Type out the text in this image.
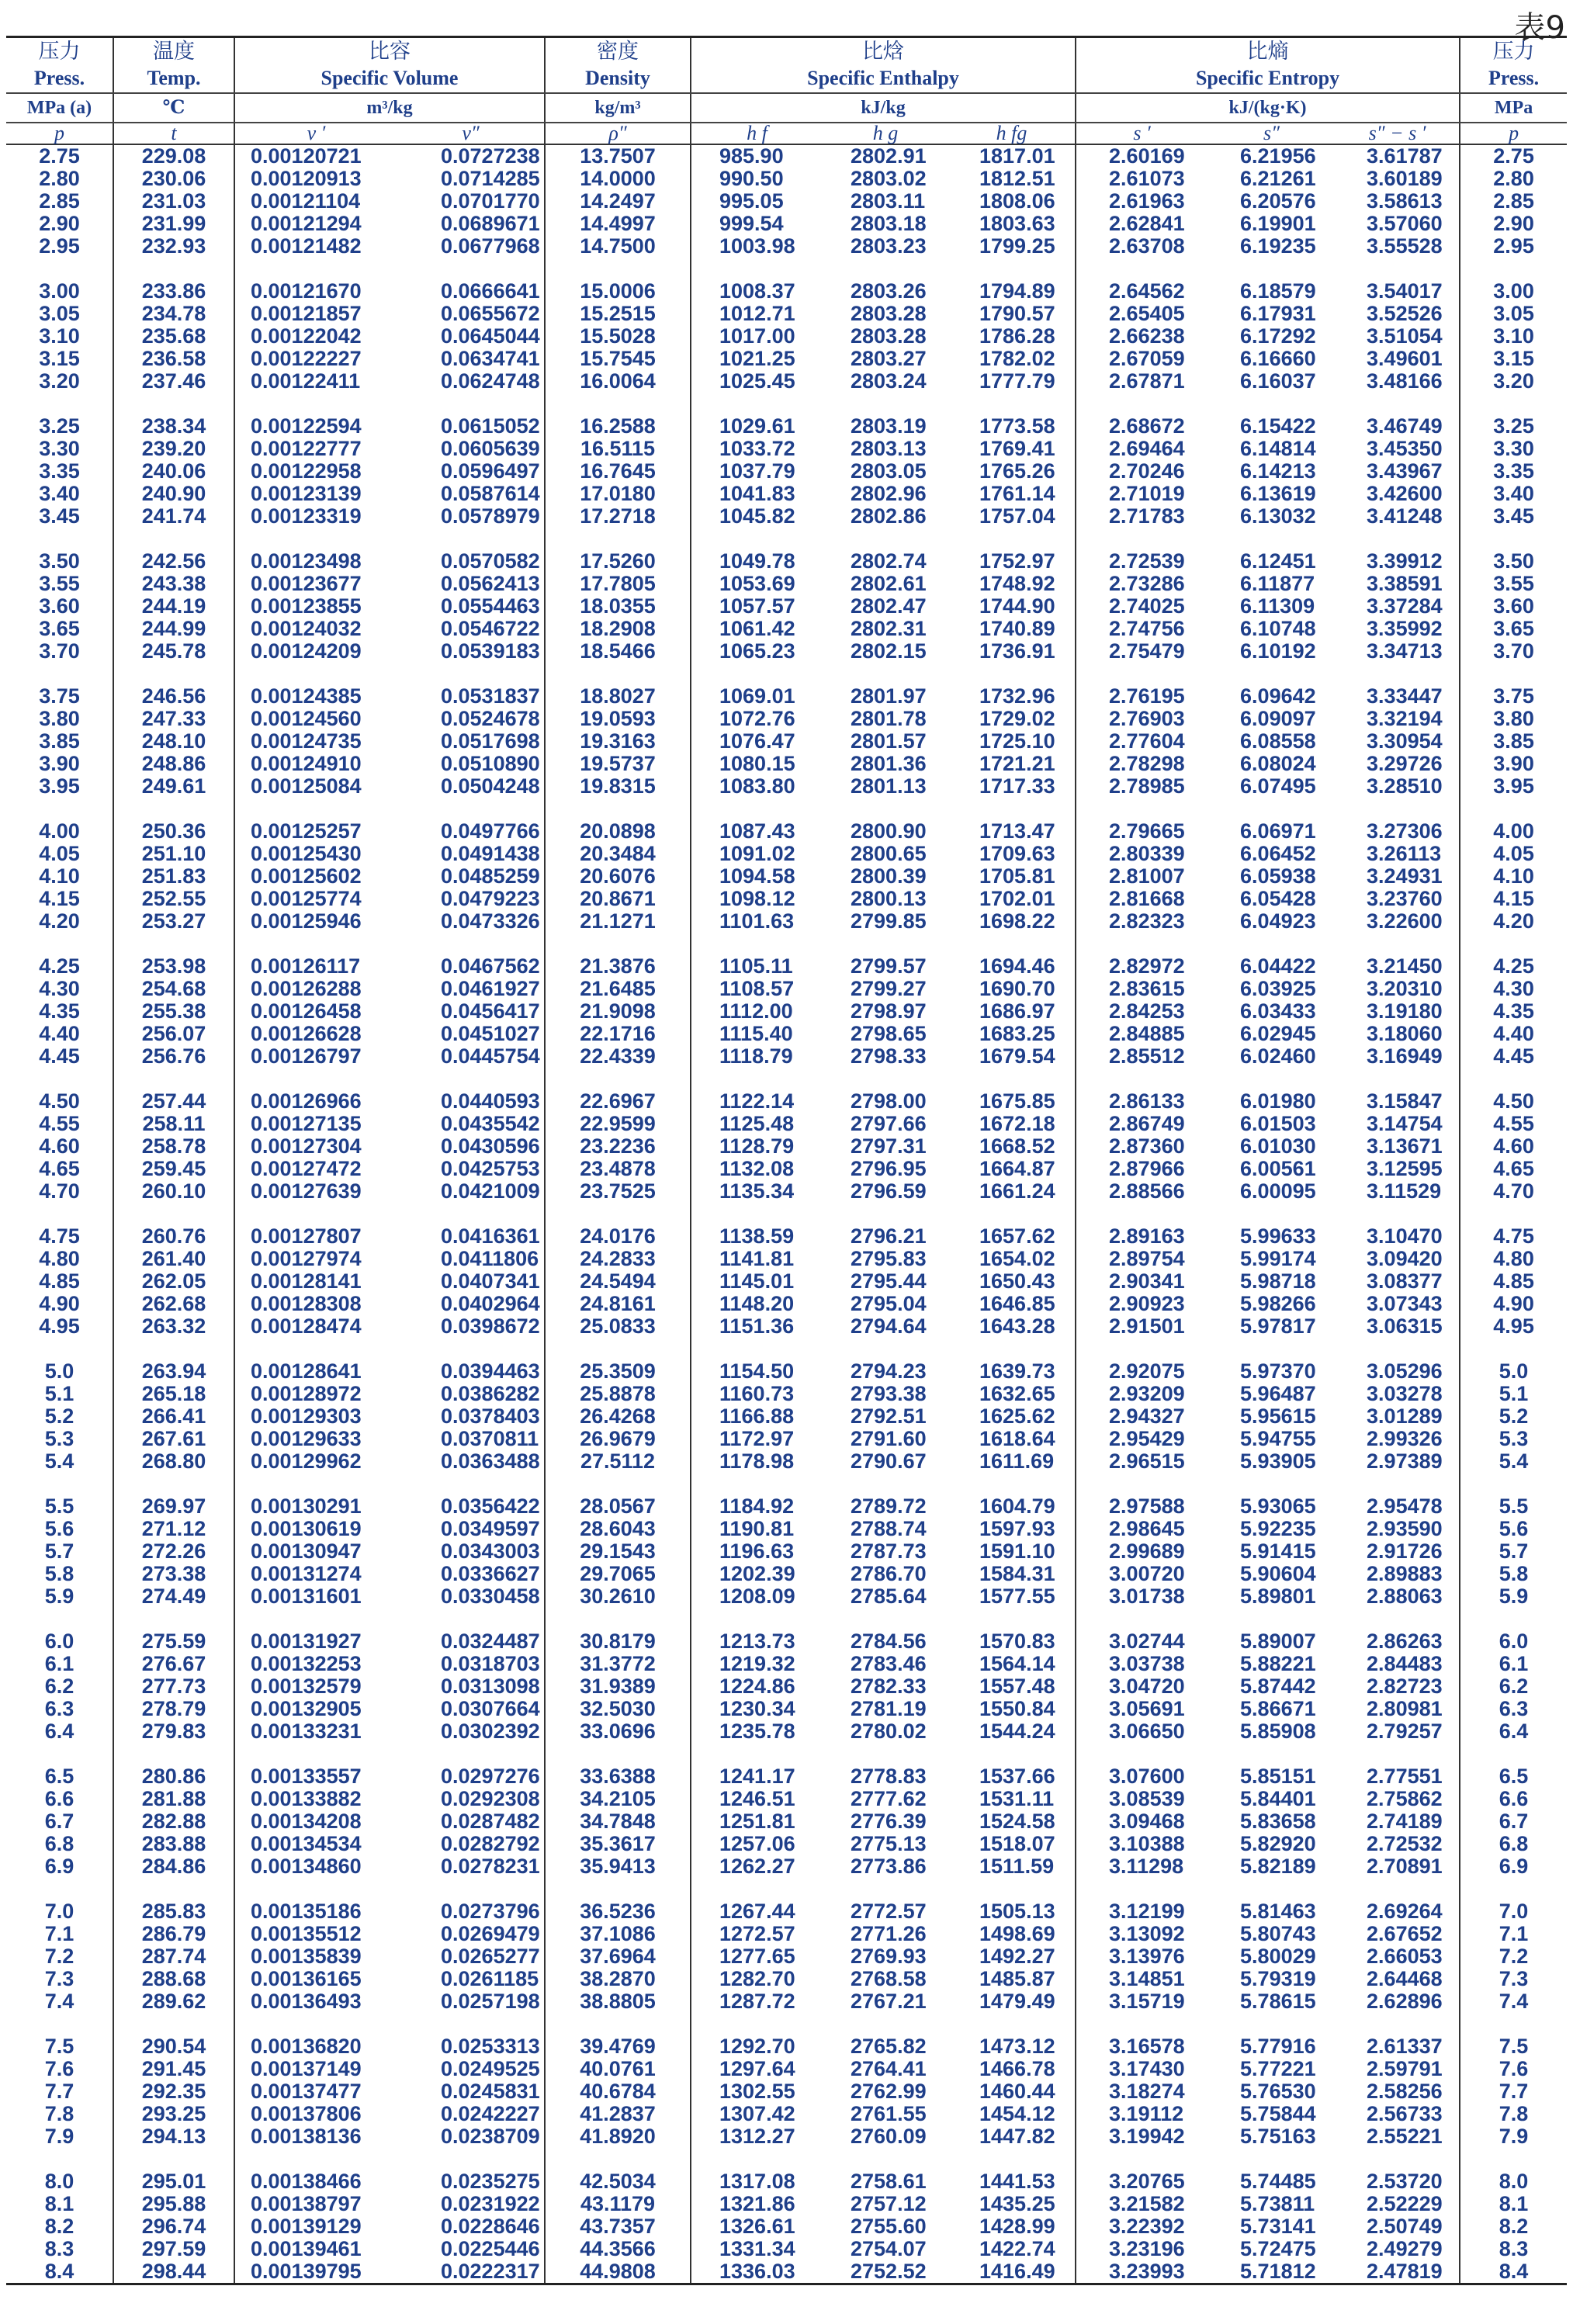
表9
压力	温度	比容		密度	比焓			比熵			压力
Press.	Temp.	Specific Volume		Density	Specific Enthalpy			Specific Entropy			Press.
MPa (a)	℃	m³/kg		kg/m³	kJ/kg			kJ/(kg·K)			MPa
p	t	v ′	v″	ρ″	h f	h g	h fg	s ′	s″	s″ − s ′	p
2.75	229.08	0.00120721	0.0727238	13.7507	985.90	2802.91	1817.01	2.60169	6.21956	3.61787	2.75
2.80	230.06	0.00120913	0.0714285	14.0000	990.50	2803.02	1812.51	2.61073	6.21261	3.60189	2.80
2.85	231.03	0.00121104	0.0701770	14.2497	995.05	2803.11	1808.06	2.61963	6.20576	3.58613	2.85
2.90	231.99	0.00121294	0.0689671	14.4997	999.54	2803.18	1803.63	2.62841	6.19901	3.57060	2.90
2.95	232.93	0.00121482	0.0677968	14.7500	1003.98	2803.23	1799.25	2.63708	6.19235	3.55528	2.95

3.00	233.86	0.00121670	0.0666641	15.0006	1008.37	2803.26	1794.89	2.64562	6.18579	3.54017	3.00
3.05	234.78	0.00121857	0.0655672	15.2515	1012.71	2803.28	1790.57	2.65405	6.17931	3.52526	3.05
3.10	235.68	0.00122042	0.0645044	15.5028	1017.00	2803.28	1786.28	2.66238	6.17292	3.51054	3.10
3.15	236.58	0.00122227	0.0634741	15.7545	1021.25	2803.27	1782.02	2.67059	6.16660	3.49601	3.15
3.20	237.46	0.00122411	0.0624748	16.0064	1025.45	2803.24	1777.79	2.67871	6.16037	3.48166	3.20

3.25	238.34	0.00122594	0.0615052	16.2588	1029.61	2803.19	1773.58	2.68672	6.15422	3.46749	3.25
3.30	239.20	0.00122777	0.0605639	16.5115	1033.72	2803.13	1769.41	2.69464	6.14814	3.45350	3.30
3.35	240.06	0.00122958	0.0596497	16.7645	1037.79	2803.05	1765.26	2.70246	6.14213	3.43967	3.35
3.40	240.90	0.00123139	0.0587614	17.0180	1041.83	2802.96	1761.14	2.71019	6.13619	3.42600	3.40
3.45	241.74	0.00123319	0.0578979	17.2718	1045.82	2802.86	1757.04	2.71783	6.13032	3.41248	3.45

3.50	242.56	0.00123498	0.0570582	17.5260	1049.78	2802.74	1752.97	2.72539	6.12451	3.39912	3.50
3.55	243.38	0.00123677	0.0562413	17.7805	1053.69	2802.61	1748.92	2.73286	6.11877	3.38591	3.55
3.60	244.19	0.00123855	0.0554463	18.0355	1057.57	2802.47	1744.90	2.74025	6.11309	3.37284	3.60
3.65	244.99	0.00124032	0.0546722	18.2908	1061.42	2802.31	1740.89	2.74756	6.10748	3.35992	3.65
3.70	245.78	0.00124209	0.0539183	18.5466	1065.23	2802.15	1736.91	2.75479	6.10192	3.34713	3.70

3.75	246.56	0.00124385	0.0531837	18.8027	1069.01	2801.97	1732.96	2.76195	6.09642	3.33447	3.75
3.80	247.33	0.00124560	0.0524678	19.0593	1072.76	2801.78	1729.02	2.76903	6.09097	3.32194	3.80
3.85	248.10	0.00124735	0.0517698	19.3163	1076.47	2801.57	1725.10	2.77604	6.08558	3.30954	3.85
3.90	248.86	0.00124910	0.0510890	19.5737	1080.15	2801.36	1721.21	2.78298	6.08024	3.29726	3.90
3.95	249.61	0.00125084	0.0504248	19.8315	1083.80	2801.13	1717.33	2.78985	6.07495	3.28510	3.95

4.00	250.36	0.00125257	0.0497766	20.0898	1087.43	2800.90	1713.47	2.79665	6.06971	3.27306	4.00
4.05	251.10	0.00125430	0.0491438	20.3484	1091.02	2800.65	1709.63	2.80339	6.06452	3.26113	4.05
4.10	251.83	0.00125602	0.0485259	20.6076	1094.58	2800.39	1705.81	2.81007	6.05938	3.24931	4.10
4.15	252.55	0.00125774	0.0479223	20.8671	1098.12	2800.13	1702.01	2.81668	6.05428	3.23760	4.15
4.20	253.27	0.00125946	0.0473326	21.1271	1101.63	2799.85	1698.22	2.82323	6.04923	3.22600	4.20

4.25	253.98	0.00126117	0.0467562	21.3876	1105.11	2799.57	1694.46	2.82972	6.04422	3.21450	4.25
4.30	254.68	0.00126288	0.0461927	21.6485	1108.57	2799.27	1690.70	2.83615	6.03925	3.20310	4.30
4.35	255.38	0.00126458	0.0456417	21.9098	1112.00	2798.97	1686.97	2.84253	6.03433	3.19180	4.35
4.40	256.07	0.00126628	0.0451027	22.1716	1115.40	2798.65	1683.25	2.84885	6.02945	3.18060	4.40
4.45	256.76	0.00126797	0.0445754	22.4339	1118.79	2798.33	1679.54	2.85512	6.02460	3.16949	4.45

4.50	257.44	0.00126966	0.0440593	22.6967	1122.14	2798.00	1675.85	2.86133	6.01980	3.15847	4.50
4.55	258.11	0.00127135	0.0435542	22.9599	1125.48	2797.66	1672.18	2.86749	6.01503	3.14754	4.55
4.60	258.78	0.00127304	0.0430596	23.2236	1128.79	2797.31	1668.52	2.87360	6.01030	3.13671	4.60
4.65	259.45	0.00127472	0.0425753	23.4878	1132.08	2796.95	1664.87	2.87966	6.00561	3.12595	4.65
4.70	260.10	0.00127639	0.0421009	23.7525	1135.34	2796.59	1661.24	2.88566	6.00095	3.11529	4.70

4.75	260.76	0.00127807	0.0416361	24.0176	1138.59	2796.21	1657.62	2.89163	5.99633	3.10470	4.75
4.80	261.40	0.00127974	0.0411806	24.2833	1141.81	2795.83	1654.02	2.89754	5.99174	3.09420	4.80
4.85	262.05	0.00128141	0.0407341	24.5494	1145.01	2795.44	1650.43	2.90341	5.98718	3.08377	4.85
4.90	262.68	0.00128308	0.0402964	24.8161	1148.20	2795.04	1646.85	2.90923	5.98266	3.07343	4.90
4.95	263.32	0.00128474	0.0398672	25.0833	1151.36	2794.64	1643.28	2.91501	5.97817	3.06315	4.95

5.0	263.94	0.00128641	0.0394463	25.3509	1154.50	2794.23	1639.73	2.92075	5.97370	3.05296	5.0
5.1	265.18	0.00128972	0.0386282	25.8878	1160.73	2793.38	1632.65	2.93209	5.96487	3.03278	5.1
5.2	266.41	0.00129303	0.0378403	26.4268	1166.88	2792.51	1625.62	2.94327	5.95615	3.01289	5.2
5.3	267.61	0.00129633	0.0370811	26.9679	1172.97	2791.60	1618.64	2.95429	5.94755	2.99326	5.3
5.4	268.80	0.00129962	0.0363488	27.5112	1178.98	2790.67	1611.69	2.96515	5.93905	2.97389	5.4

5.5	269.97	0.00130291	0.0356422	28.0567	1184.92	2789.72	1604.79	2.97588	5.93065	2.95478	5.5
5.6	271.12	0.00130619	0.0349597	28.6043	1190.81	2788.74	1597.93	2.98645	5.92235	2.93590	5.6
5.7	272.26	0.00130947	0.0343003	29.1543	1196.63	2787.73	1591.10	2.99689	5.91415	2.91726	5.7
5.8	273.38	0.00131274	0.0336627	29.7065	1202.39	2786.70	1584.31	3.00720	5.90604	2.89883	5.8
5.9	274.49	0.00131601	0.0330458	30.2610	1208.09	2785.64	1577.55	3.01738	5.89801	2.88063	5.9

6.0	275.59	0.00131927	0.0324487	30.8179	1213.73	2784.56	1570.83	3.02744	5.89007	2.86263	6.0
6.1	276.67	0.00132253	0.0318703	31.3772	1219.32	2783.46	1564.14	3.03738	5.88221	2.84483	6.1
6.2	277.73	0.00132579	0.0313098	31.9389	1224.86	2782.33	1557.48	3.04720	5.87442	2.82723	6.2
6.3	278.79	0.00132905	0.0307664	32.5030	1230.34	2781.19	1550.84	3.05691	5.86671	2.80981	6.3
6.4	279.83	0.00133231	0.0302392	33.0696	1235.78	2780.02	1544.24	3.06650	5.85908	2.79257	6.4

6.5	280.86	0.00133557	0.0297276	33.6388	1241.17	2778.83	1537.66	3.07600	5.85151	2.77551	6.5
6.6	281.88	0.00133882	0.0292308	34.2105	1246.51	2777.62	1531.11	3.08539	5.84401	2.75862	6.6
6.7	282.88	0.00134208	0.0287482	34.7848	1251.81	2776.39	1524.58	3.09468	5.83658	2.74189	6.7
6.8	283.88	0.00134534	0.0282792	35.3617	1257.06	2775.13	1518.07	3.10388	5.82920	2.72532	6.8
6.9	284.86	0.00134860	0.0278231	35.9413	1262.27	2773.86	1511.59	3.11298	5.82189	2.70891	6.9

7.0	285.83	0.00135186	0.0273796	36.5236	1267.44	2772.57	1505.13	3.12199	5.81463	2.69264	7.0
7.1	286.79	0.00135512	0.0269479	37.1086	1272.57	2771.26	1498.69	3.13092	5.80743	2.67652	7.1
7.2	287.74	0.00135839	0.0265277	37.6964	1277.65	2769.93	1492.27	3.13976	5.80029	2.66053	7.2
7.3	288.68	0.00136165	0.0261185	38.2870	1282.70	2768.58	1485.87	3.14851	5.79319	2.64468	7.3
7.4	289.62	0.00136493	0.0257198	38.8805	1287.72	2767.21	1479.49	3.15719	5.78615	2.62896	7.4

7.5	290.54	0.00136820	0.0253313	39.4769	1292.70	2765.82	1473.12	3.16578	5.77916	2.61337	7.5
7.6	291.45	0.00137149	0.0249525	40.0761	1297.64	2764.41	1466.78	3.17430	5.77221	2.59791	7.6
7.7	292.35	0.00137477	0.0245831	40.6784	1302.55	2762.99	1460.44	3.18274	5.76530	2.58256	7.7
7.8	293.25	0.00137806	0.0242227	41.2837	1307.42	2761.55	1454.12	3.19112	5.75844	2.56733	7.8
7.9	294.13	0.00138136	0.0238709	41.8920	1312.27	2760.09	1447.82	3.19942	5.75163	2.55221	7.9

8.0	295.01	0.00138466	0.0235275	42.5034	1317.08	2758.61	1441.53	3.20765	5.74485	2.53720	8.0
8.1	295.88	0.00138797	0.0231922	43.1179	1321.86	2757.12	1435.25	3.21582	5.73811	2.52229	8.1
8.2	296.74	0.00139129	0.0228646	43.7357	1326.61	2755.60	1428.99	3.22392	5.73141	2.50749	8.2
8.3	297.59	0.00139461	0.0225446	44.3566	1331.34	2754.07	1422.74	3.23196	5.72475	2.49279	8.3
8.4	298.44	0.00139795	0.0222317	44.9808	1336.03	2752.52	1416.49	3.23993	5.71812	2.47819	8.4
